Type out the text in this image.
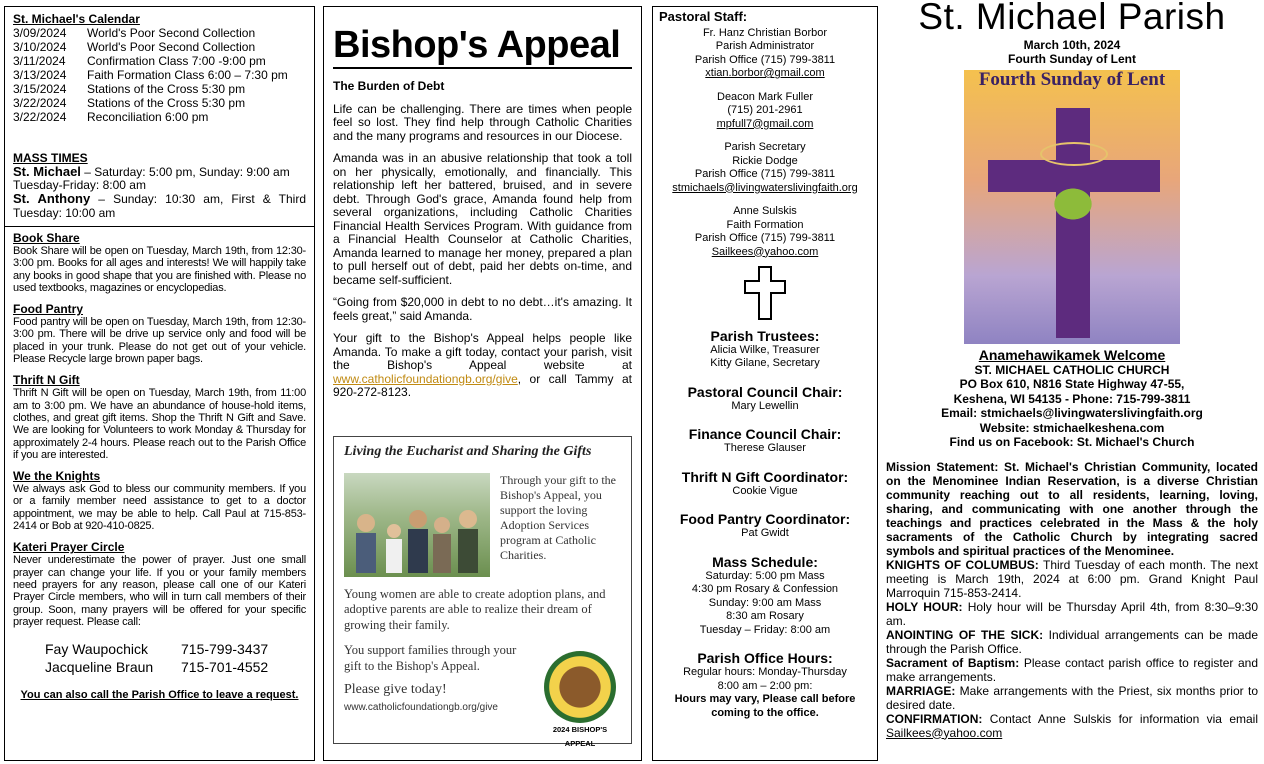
St. Michael's Calendar
3/09/2024	World's Poor Second Collection
3/10/2024	World's Poor Second Collection
3/11/2024	Confirmation Class 7:00 -9:00 pm
3/13/2024	Faith Formation Class 6:00 – 7:30 pm
3/15/2024	Stations of the Cross 5:30 pm
3/22/2024	Stations of the Cross 5:30 pm
3/22/2024	Reconciliation 6:00 pm
MASS TIMES
St. Michael – Saturday: 5:00 pm, Sunday: 9:00 am
Tuesday-Friday: 8:00 am
St. Anthony – Sunday: 10:30 am, First & Third Tuesday: 10:00 am
Book Share

Book Share will be open on Tuesday, March 19th, from 12:30-3:00 pm. Books for all ages and interests! We will happily take any books in good shape that you are finished with. Please no used textbooks, magazines or encyclopedias.

Food Pantry

Food pantry will be open on Tuesday, March 19th, from 12:30-3:00 pm. There will be drive up service only and food will be placed in your trunk. Please do not get out of your vehicle. Please Recycle large brown paper bags.

Thrift N Gift

Thrift N Gift will be open on Tuesday, March 19th, from 11:00 am to 3:00 pm. We have an abundance of house-hold items, clothes, and great gift items. Shop the Thrift N Gift and Save. We are looking for Volunteers to work Monday & Thursday for approximately 2-4 hours. Please reach out to the Parish Office if you are interested.

We the Knights

We always ask God to bless our community members. If you or a family member need assistance to get to a doctor appointment, we may be able to help. Call Paul at 715-853-2414 or Bob at 920-410-0825.

Kateri Prayer Circle

Never underestimate the power of prayer. Just one small prayer can change your life. If you or your family members need prayers for any reason, please call one of our Kateri Prayer Circle members, who will in turn call members of their group. Soon, many prayers will be offered for your specific prayer request. Please call:

Fay Waupochick	715-799-3437
Jacqueline Braun	715-701-4552
You can also call the Parish Office to leave a request.
Bishop's Appeal
The Burden of Debt

Life can be challenging. There are times when people feel so lost. They find help through Catholic Charities and the many programs and resources in our Diocese.

Amanda was in an abusive relationship that took a toll on her physically, emotionally, and financially. This relationship left her battered, bruised, and in severe debt. Through God's grace, Amanda found help from several organizations, including Catholic Charities Financial Health Services Program. With guidance from a Financial Health Counselor at Catholic Charities, Amanda learned to manage her money, prepared a plan to pull herself out of debt, paid her debts on-time, and became self-sufficient.

“Going from $20,000 in debt to no debt…it's amazing. It feels great,” said Amanda.

Your gift to the Bishop's Appeal helps people like Amanda. To make a gift today, contact your parish, visit the Bishop's Appeal website at www.catholicfoundationgb.org/give, or call Tammy at 920-272-8123.

Living the Eucharist and Sharing the Gifts
Through your gift to the Bishop's Appeal, you support the loving Adoption Services program at Catholic Charities.
Young women are able to create adoption plans, and adoptive parents are able to realize their dream of growing their family.
You support families through your gift to the Bishop's Appeal.
Please give today!
www.catholicfoundationgb.org/give
2024 BISHOP'S APPEAL
Pastoral Staff:
Fr. Hanz Christian Borbor
Parish Administrator
Parish Office (715) 799-3811
xtian.borbor@gmail.com
Deacon Mark Fuller
(715) 201-2961
mpfull7@gmail.com
Parish Secretary
Rickie Dodge
Parish Office (715) 799-3811
stmichaels@livingwaterslivingfaith.org
Anne Sulskis
Faith Formation
Parish Office (715) 799-3811
Sailkees@yahoo.com
Parish Trustees:
Alicia Wilke, Treasurer
Kitty Gilane, Secretary
Pastoral Council Chair:
Mary Lewellin
Finance Council Chair:
Therese Glauser
Thrift N Gift Coordinator:
Cookie Vigue
Food Pantry Coordinator:
Pat Gwidt
Mass Schedule:
Saturday: 5:00 pm Mass
4:30 pm Rosary & Confession
Sunday: 9:00 am Mass
8:30 am Rosary
Tuesday – Friday: 8:00 am
Parish Office Hours:
Regular hours: Monday-Thursday
8:00 am – 2:00 pm:
Hours may vary, Please call before coming to the office.
St. Michael Parish
March 10th, 2024
Fourth Sunday of Lent
Fourth Sunday of Lent
Anamehawikamek Welcome
ST. MICHAEL CATHOLIC CHURCH
PO Box 610, N816 State Highway 47-55,
Keshena, WI 54135 - Phone: 715-799-3811
Email: stmichaels@livingwaterslivingfaith.org
Website: stmichaelkeshena.com
Find us on Facebook: St. Michael's Church

Mission Statement: St. Michael's Christian Community, located on the Menominee Indian Reservation, is a diverse Christian community reaching out to all residents, learning, loving, sharing, and communicating with one another through the teachings and practices celebrated in the Mass & the holy sacraments of the Catholic Church by integrating sacred symbols and spiritual practices of the Menominee.

KNIGHTS OF COLUMBUS: Third Tuesday of each month. The next meeting is March 19th, 2024 at 6:00 pm. Grand Knight Paul Marroquin 715-853-2414.

HOLY HOUR: Holy hour will be Thursday April 4th, from 8:30–9:30 am.

ANOINTING OF THE SICK: Individual arrangements can be made through the Parish Office.

Sacrament of Baptism: Please contact parish office to register and make arrangements.

MARRIAGE: Make arrangements with the Priest, six months prior to desired date.

CONFIRMATION: Contact Anne Sulskis for information via email Sailkees@yahoo.com
